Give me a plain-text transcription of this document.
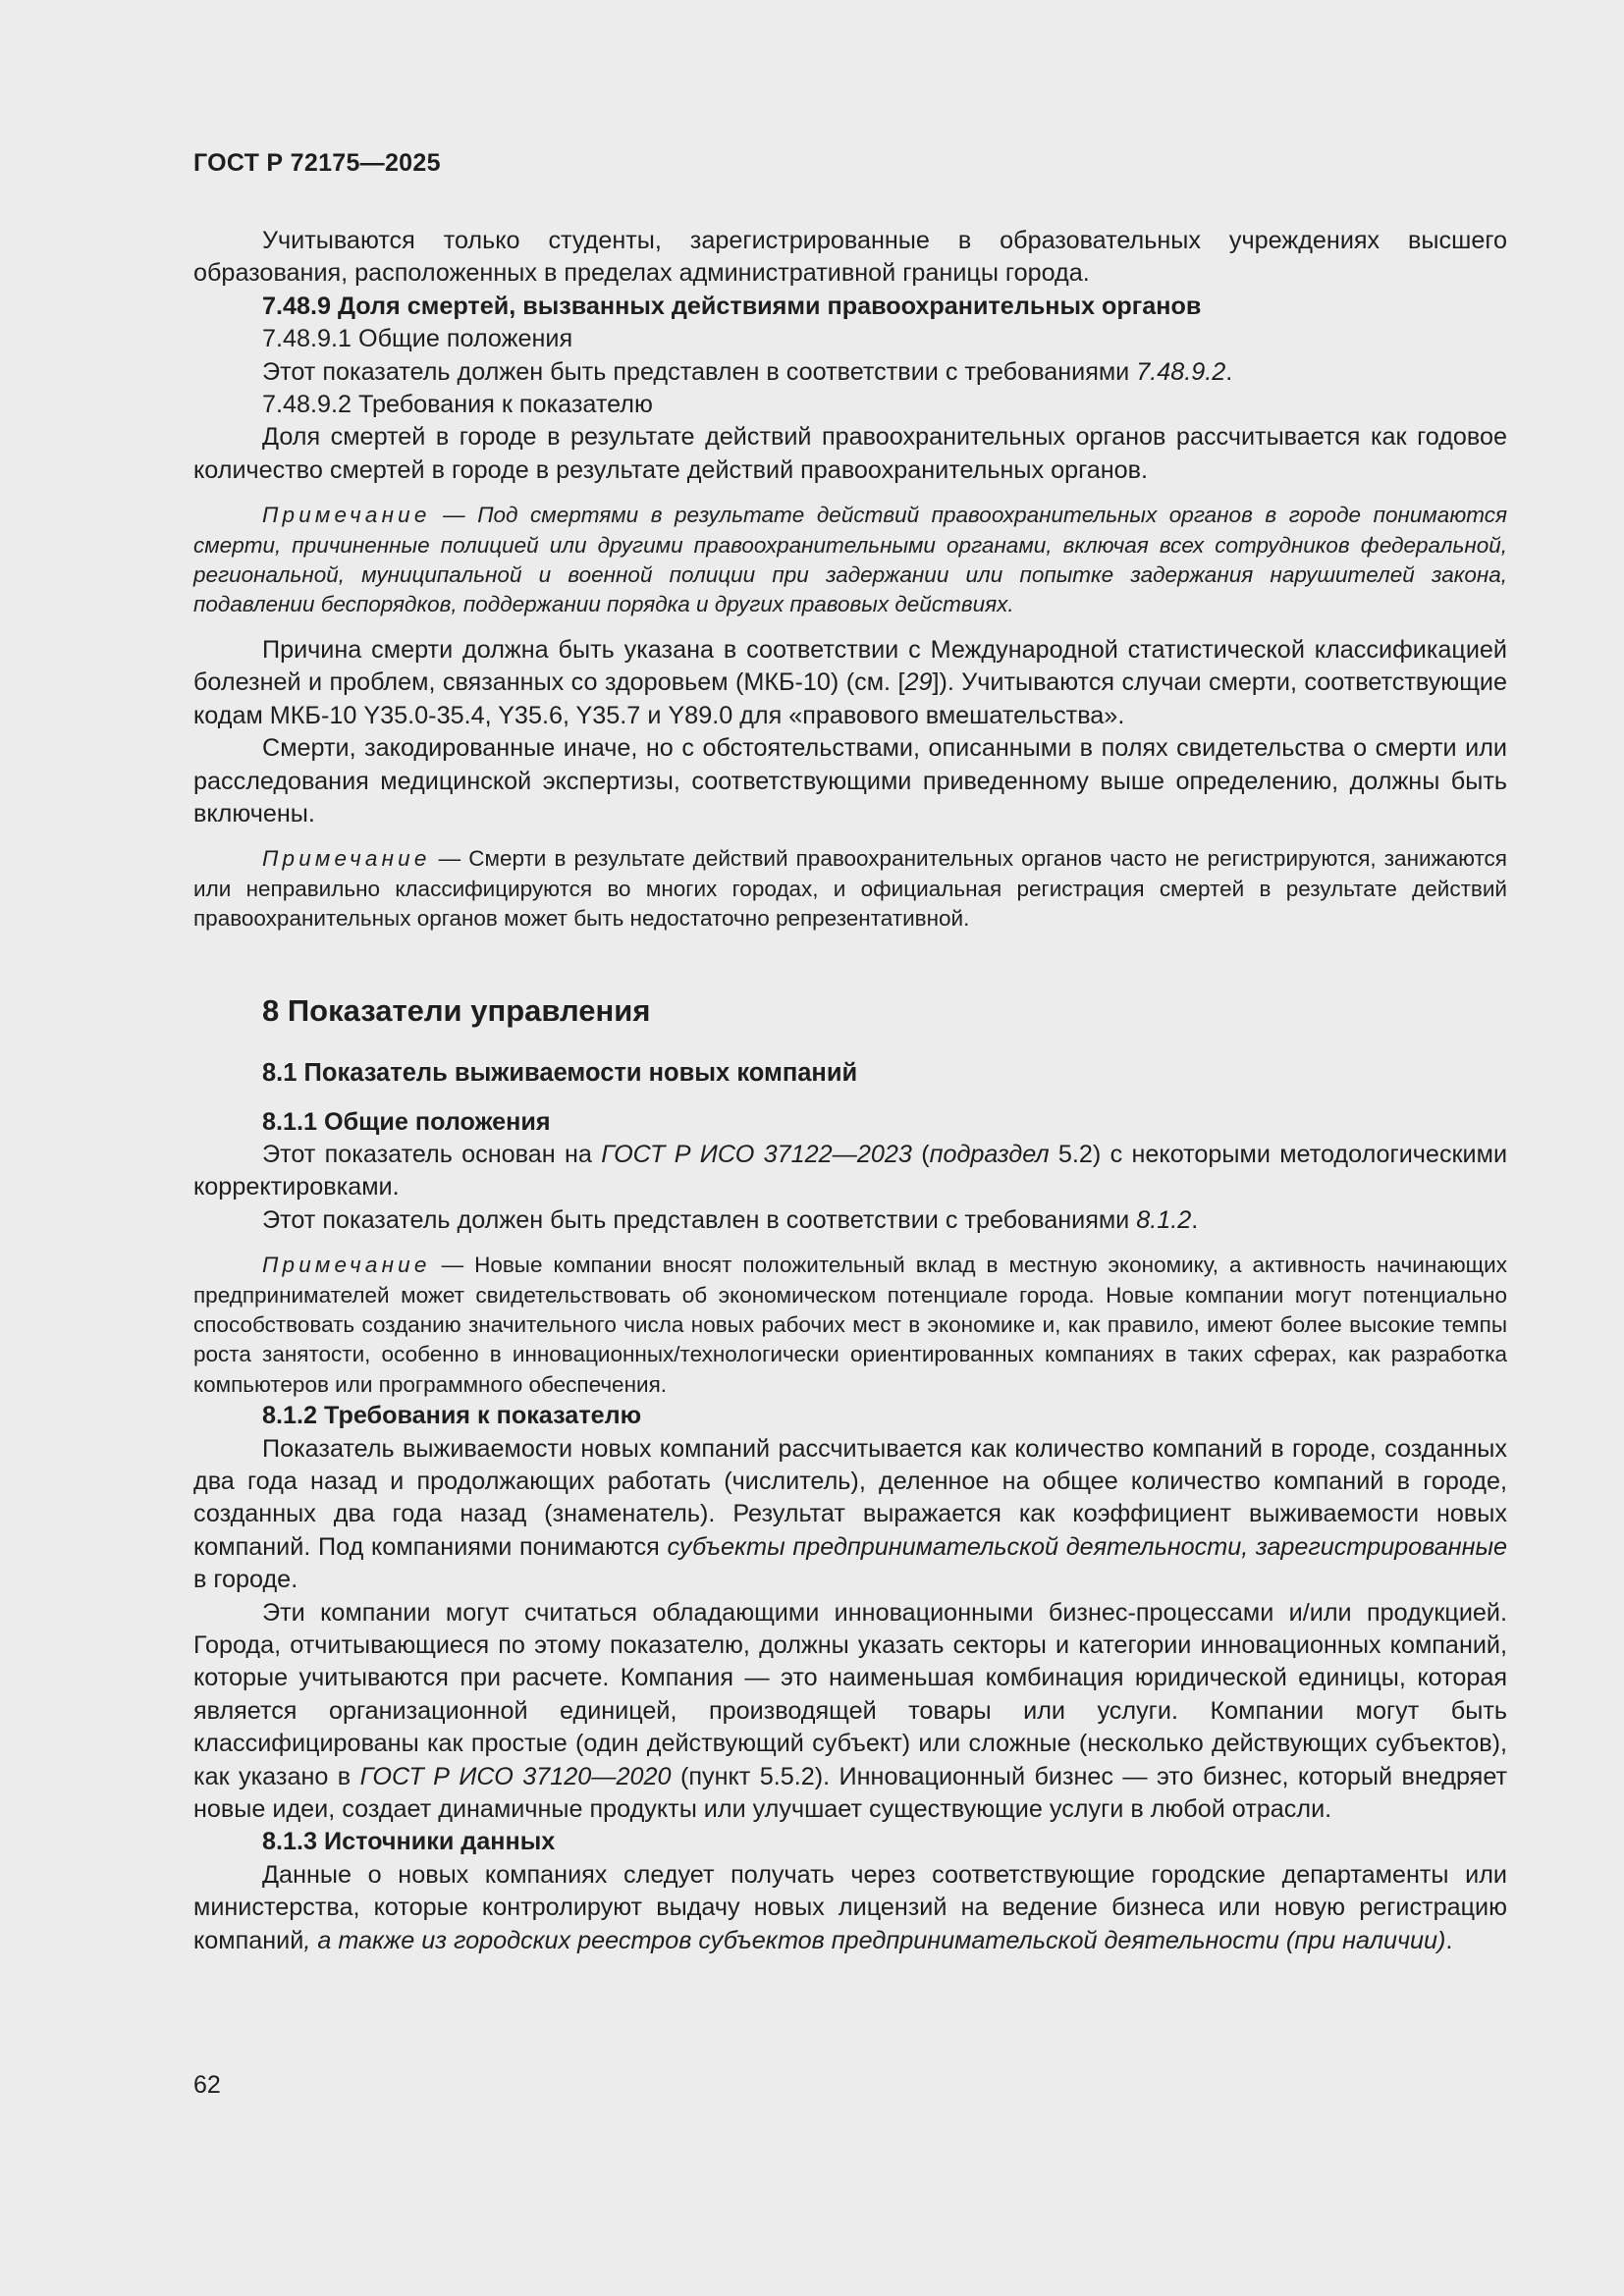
ГОСТ Р 72175—2025

Учитываются только студенты, зарегистрированные в образовательных учреждениях высшего образования, расположенных в пределах административной границы города.

7.48.9 Доля смертей, вызванных действиями правоохранительных органов

7.48.9.1 Общие положения

Этот показатель должен быть представлен в соответствии с требованиями 7.48.9.2.

7.48.9.2 Требования к показателю

Доля смертей в городе в результате действий правоохранительных органов рассчитывается как годовое количество смертей в городе в результате действий правоохранительных органов.

Примечание — Под смертями в результате действий правоохранительных органов в городе понимаются смерти, причиненные полицией или другими правоохранительными органами, включая всех сотрудников федеральной, региональной, муниципальной и военной полиции при задержании или попытке задержания нарушителей закона, подавлении беспорядков, поддержании порядка и других правовых действиях.

Причина смерти должна быть указана в соответствии с Международной статистической классификацией болезней и проблем, связанных со здоровьем (МКБ-10) (см. [29]). Учитываются случаи смерти, соответствующие кодам МКБ-10 Y35.0-35.4, Y35.6, Y35.7 и Y89.0 для «правового вмешательства».

Смерти, закодированные иначе, но с обстоятельствами, описанными в полях свидетельства о смерти или расследования медицинской экспертизы, соответствующими приведенному выше определению, должны быть включены.

Примечание — Смерти в результате действий правоохранительных органов часто не регистрируются, занижаются или неправильно классифицируются во многих городах, и официальная регистрация смертей в результате действий правоохранительных органов может быть недостаточно репрезентативной.

8 Показатели управления
8.1 Показатель выживаемости новых компаний

8.1.1 Общие положения

Этот показатель основан на ГОСТ Р ИСО 37122—2023 (подраздел 5.2) с некоторыми методологическими корректировками.

Этот показатель должен быть представлен в соответствии с требованиями 8.1.2.

Примечание — Новые компании вносят положительный вклад в местную экономику, а активность начинающих предпринимателей может свидетельствовать об экономическом потенциале города. Новые компании могут потенциально способствовать созданию значительного числа новых рабочих мест в экономике и, как правило, имеют более высокие темпы роста занятости, особенно в инновационных/технологически ориентированных компаниях в таких сферах, как разработка компьютеров или программного обеспечения.

8.1.2 Требования к показателю

Показатель выживаемости новых компаний рассчитывается как количество компаний в городе, созданных два года назад и продолжающих работать (числитель), деленное на общее количество компаний в городе, созданных два года назад (знаменатель). Результат выражается как коэффициент выживаемости новых компаний. Под компаниями понимаются субъекты предпринимательской деятельности, зарегистрированные в городе.

Эти компании могут считаться обладающими инновационными бизнес-процессами и/или продукцией. Города, отчитывающиеся по этому показателю, должны указать секторы и категории инновационных компаний, которые учитываются при расчете. Компания — это наименьшая комбинация юридической единицы, которая является организационной единицей, производящей товары или услуги. Компании могут быть классифицированы как простые (один действующий субъект) или сложные (несколько действующих субъектов), как указано в ГОСТ Р ИСО 37120—2020 (пункт 5.5.2). Инновационный бизнес — это бизнес, который внедряет новые идеи, создает динамичные продукты или улучшает существующие услуги в любой отрасли.

8.1.3 Источники данных

Данные о новых компаниях следует получать через соответствующие городские департаменты или министерства, которые контролируют выдачу новых лицензий на ведение бизнеса или новую регистрацию компаний, а также из городских реестров субъектов предпринимательской деятельности (при наличии).

62
